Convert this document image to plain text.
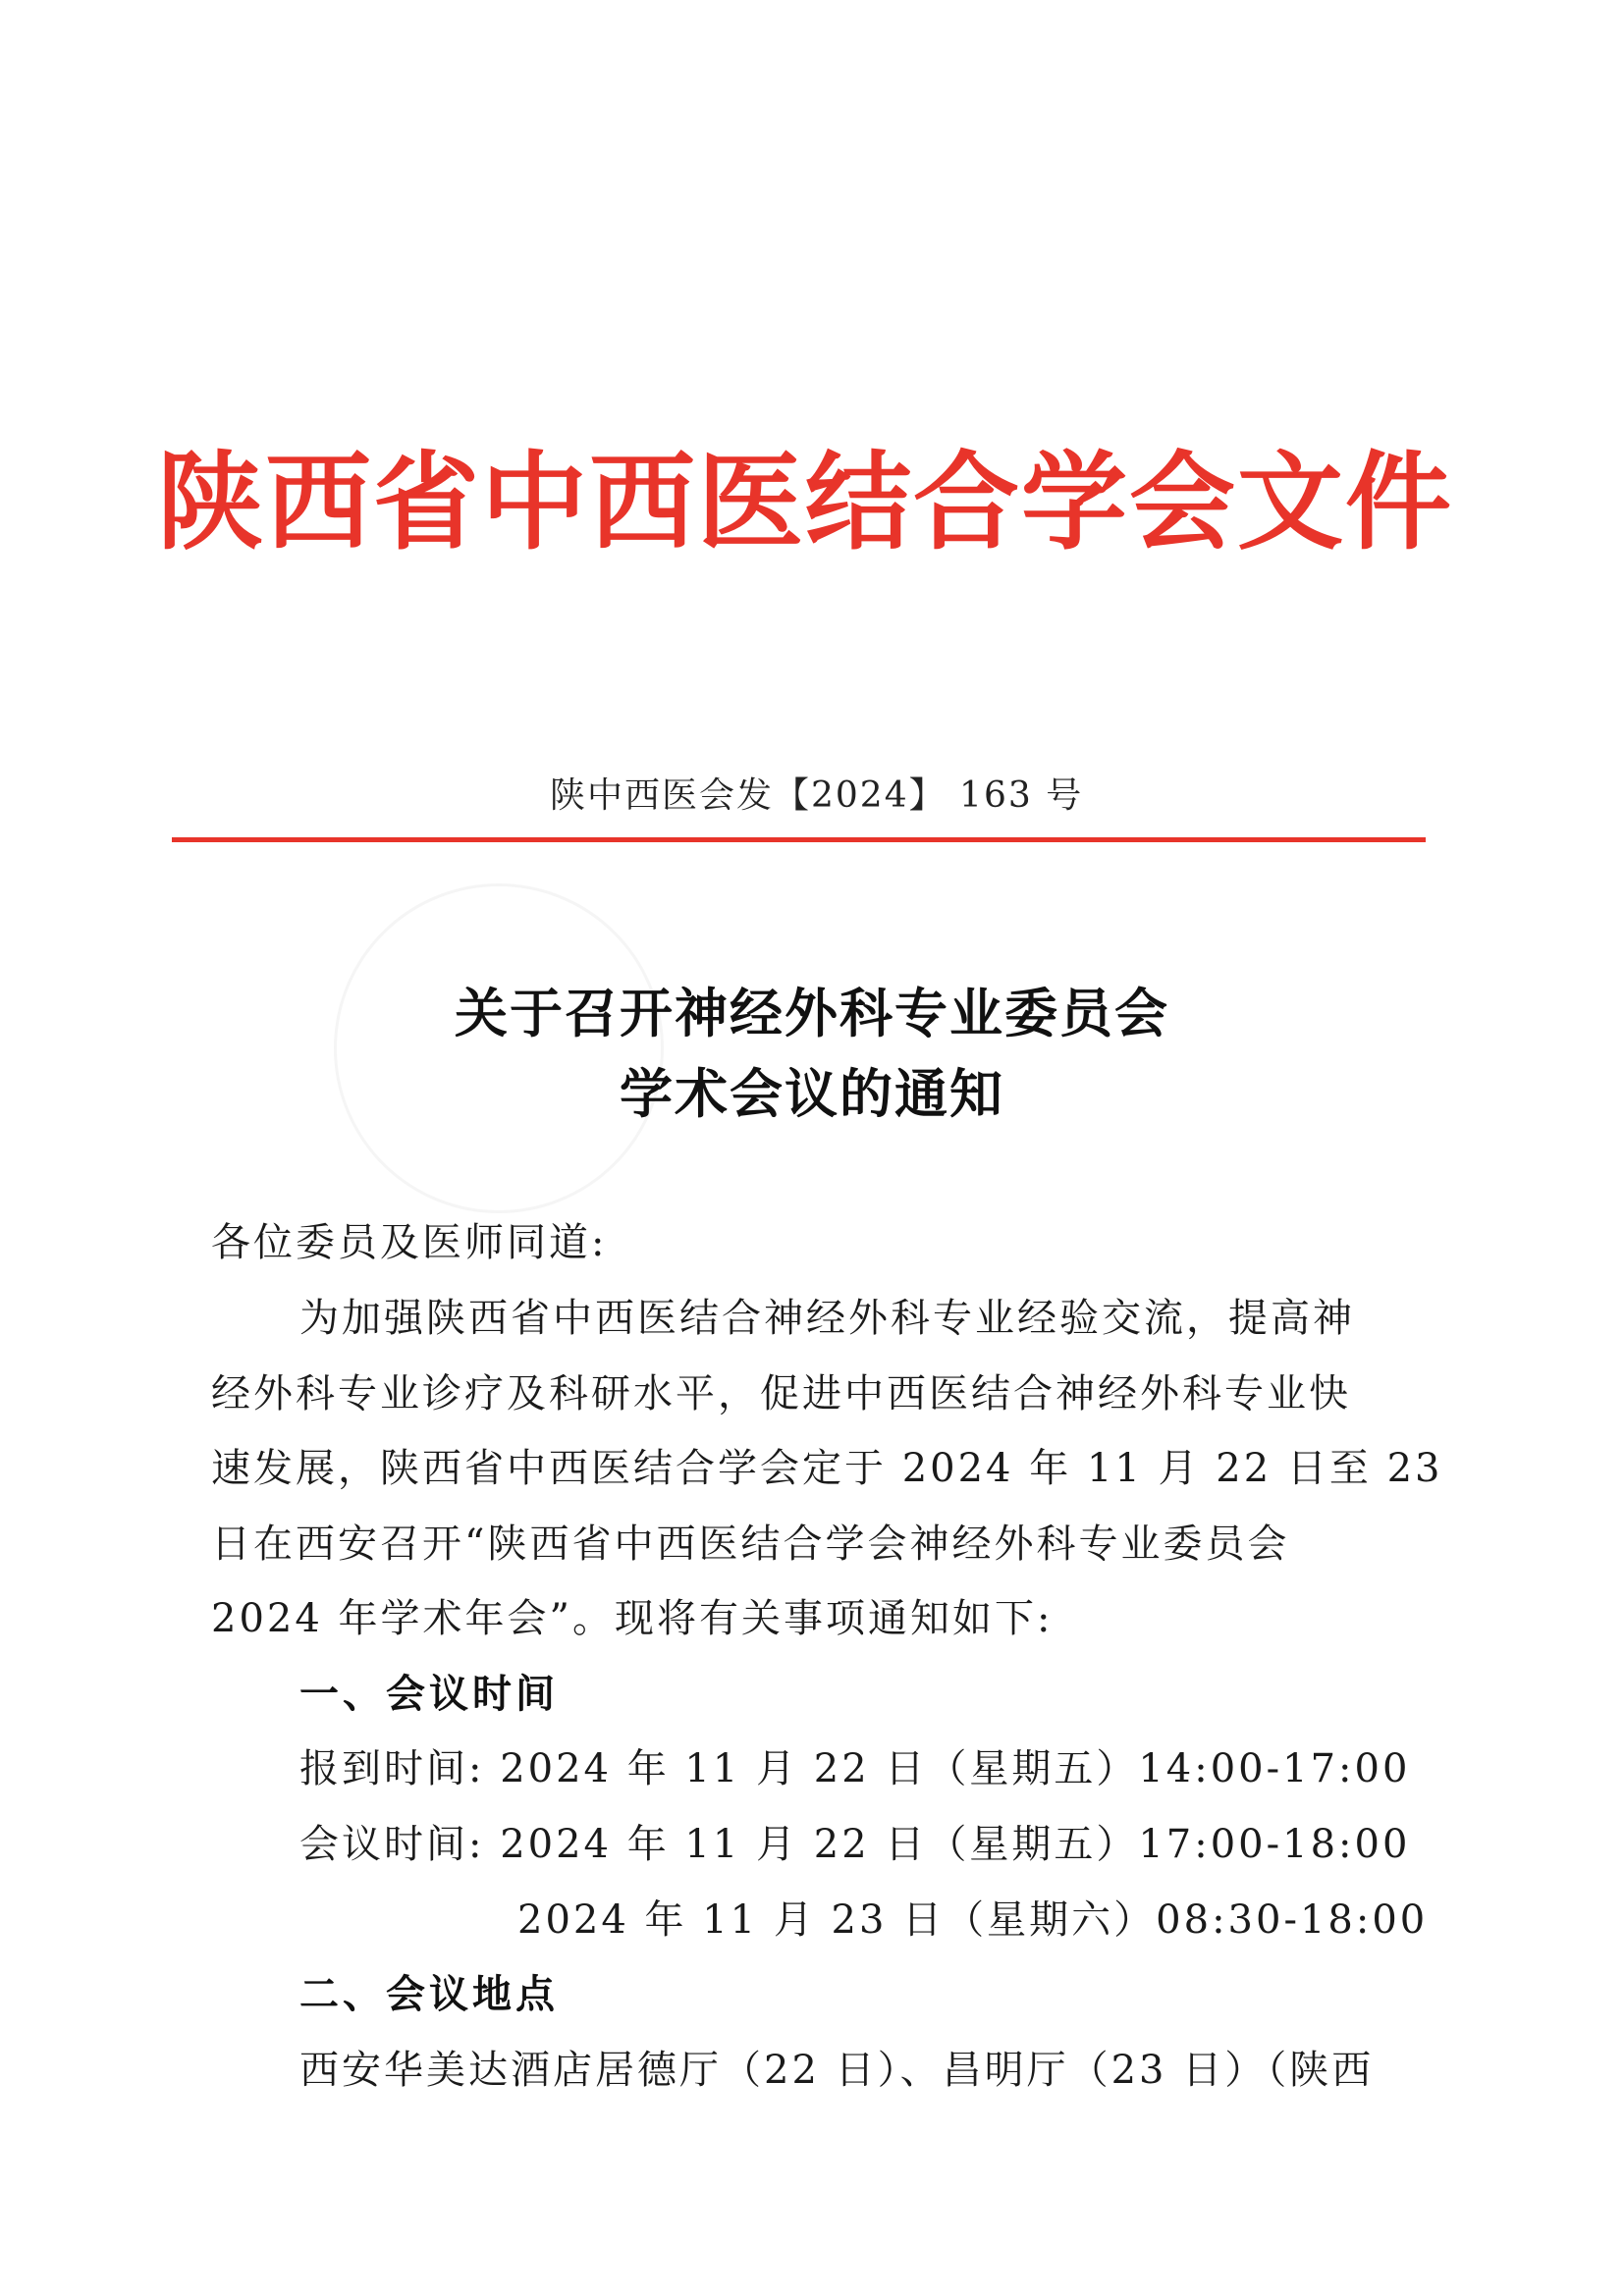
陕西省中西医结合学会文件
陕中西医会发【2024】 163 号
关于召开神经外科专业委员会
学术会议的通知
各位委员及医师同道:
为加强陕西省中西医结合神经外科专业经验交流，提高神
经外科专业诊疗及科研水平，促进中西医结合神经外科专业快
速发展，陕西省中西医结合学会定于 2024 年 11 月 22 日至 23
日在西安召开“陕西省中西医结合学会神经外科专业委员会
2024 年学术年会”。现将有关事项通知如下:
一、会议时间
报到时间: 2024 年 11 月 22 日（星期五）14:00-17:00
会议时间: 2024 年 11 月 22 日（星期五）17:00-18:00
2024 年 11 月 23 日（星期六）08:30-18:00
二、会议地点
西安华美达酒店居德厅（22 日）、昌明厅（23 日）（陕西
